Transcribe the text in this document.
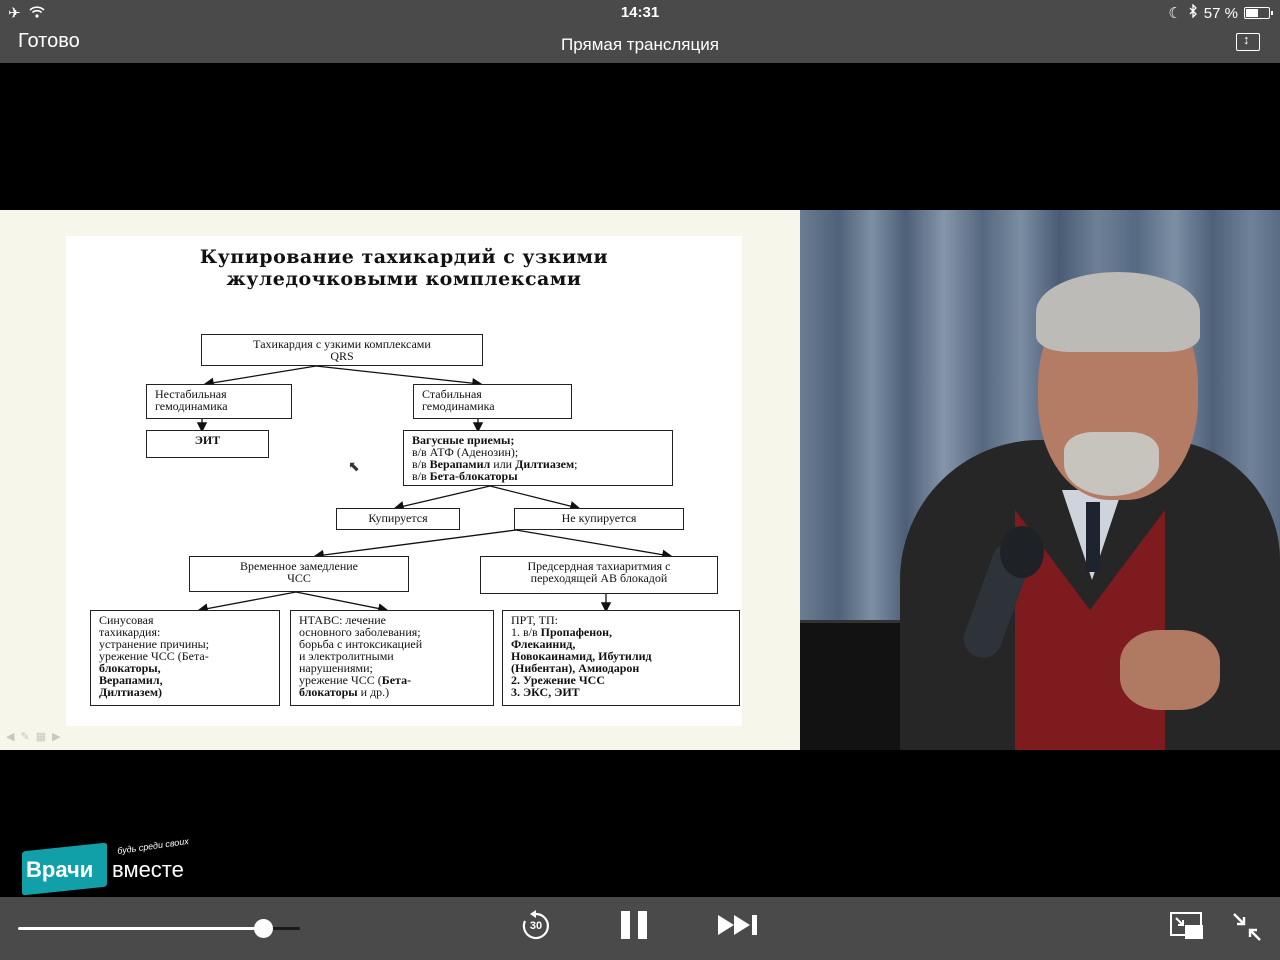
✈	14:31	☾ 57 %
Готово	Прямая трансляция
↕
Купирование тахикардий с узкими
жуледочковыми комплексами
Тахикардия с узкими комплексами
QRS
Нестабильная
гемодинамика
Стабильная
гемодинамика
ЭИТ	Вагусные приемы;
в/в АТФ (Аденозин);
в/в Верапамил или Дилтиазем;
в/в Бета-блокаторы
Купируется	Не купируется
Временное замедление
ЧСС
Предсердная тахиаритмия с
переходящей АВ блокадой
Синусовая
тахикардия:
устранение причины;
урежение ЧСС (Бета-
блокаторы,
Верапамил,
Дилтиазем)
НТАВС: лечение
основного заболевания;
борьба с интоксикацией
и электролитными
нарушениями;
урежение ЧСС (Бета-
блокаторы и др.)
ПРТ, ТП:
1. в/в Пропафенон,
Флекаинид,
Новокаинамид, Ибутилид
(Нибентан), Амиодарон
2. Урежение ЧСС
3. ЭКС, ЭИТ
⬉
◀ ✎ ▦ ▶
Врачи вместе
будь среди своих
30
